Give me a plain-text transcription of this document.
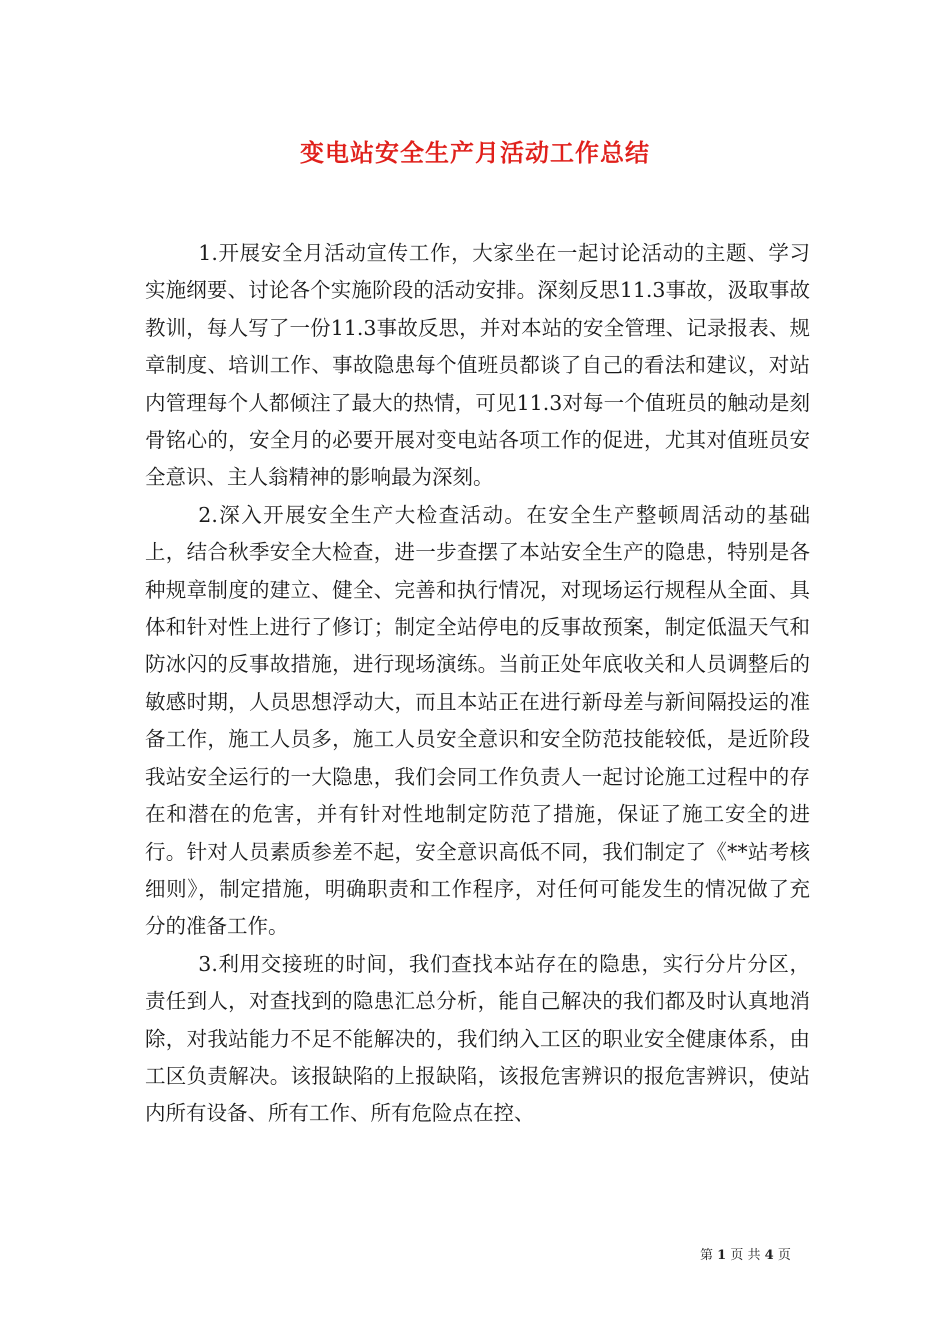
变电站安全生产月活动工作总结

1.开展安全月活动宣传工作，大家坐在一起讨论活动的主题、学习实施纲要、讨论各个实施阶段的活动安排。深刻反思11.3事故，汲取事故教训，每人写了一份11.3事故反思，并对本站的安全管理、记录报表、规章制度、培训工作、事故隐患每个值班员都谈了自己的看法和建议，对站内管理每个人都倾注了最大的热情，可见11.3对每一个值班员的触动是刻骨铭心的，安全月的必要开展对变电站各项工作的促进，尤其对值班员安全意识、主人翁精神的影响最为深刻。

2.深入开展安全生产大检查活动。在安全生产整顿周活动的基础上，结合秋季安全大检查，进一步查摆了本站安全生产的隐患，特别是各种规章制度的建立、健全、完善和执行情况，对现场运行规程从全面、具体和针对性上进行了修订；制定全站停电的反事故预案，制定低温天气和防冰闪的反事故措施，进行现场演练。当前正处年底收关和人员调整后的敏感时期，人员思想浮动大，而且本站正在进行新母差与新间隔投运的准备工作，施工人员多，施工人员安全意识和安全防范技能较低，是近阶段我站安全运行的一大隐患，我们会同工作负责人一起讨论施工过程中的存在和潜在的危害，并有针对性地制定防范了措施，保证了施工安全的进行。针对人员素质参差不起，安全意识高低不同，我们制定了《**站考核细则》，制定措施，明确职责和工作程序，对任何可能发生的情况做了充分的准备工作。

3.利用交接班的时间，我们查找本站存在的隐患，实行分片分区，责任到人，对查找到的隐患汇总分析，能自己解决的我们都及时认真地消除，对我站能力不足不能解决的，我们纳入工区的职业安全健康体系，由工区负责解决。该报缺陷的上报缺陷，该报危害辨识的报危害辨识，使站内所有设备、所有工作、所有危险点在控、

第 1 页 共 4 页
